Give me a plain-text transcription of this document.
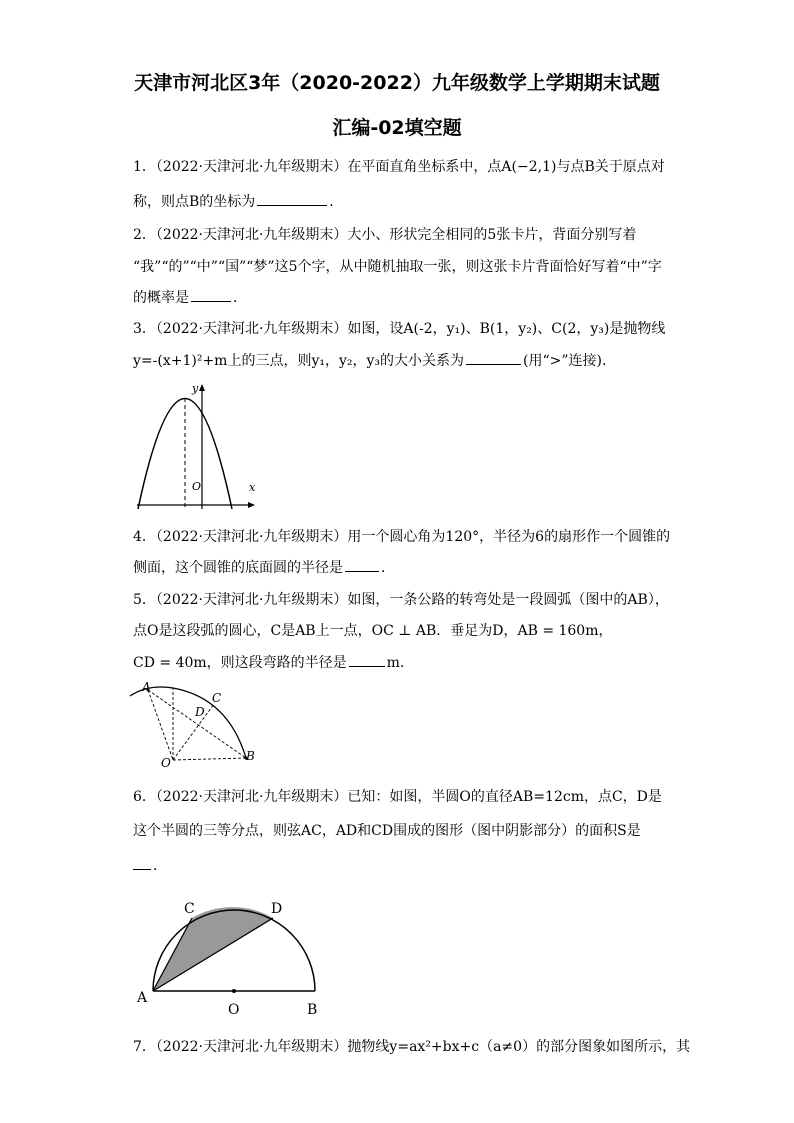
天津市河北区3年（2020-2022）九年级数学上学期期末试题
汇编-02填空题
1．（2022·天津河北·九年级期末）在平面直角坐标系中，点A(−2,1)与点B关于原点对
称，则点B的坐标为	．
2．（2022·天津河北·九年级期末）大小、形状完全相同的5张卡片，背面分别写着
“我”“的”“中”“国”“梦”这5个字，从中随机抽取一张，则这张卡片背面恰好写着“中”字
的概率是	．
3．（2022·天津河北·九年级期末）如图，设A(-2，y₁)、B(1，y₂)、C(2，y₃)是抛物线
y=-(x+1)²+m上的三点，则y₁，y₂，y₃的大小关系为	(用“>”连接).
y
x
O
4．（2022·天津河北·九年级期末）用一个圆心角为120°，半径为6的扇形作一个圆锥的
侧面，这个圆锥的底面圆的半径是	．
5．（2022·天津河北·九年级期末）如图，一条公路的转弯处是一段圆弧（图中的AB），
点O是这段弧的圆心，C是AB上一点，OC ⊥ AB．垂足为D，AB = 160m，
CD = 40m，则这段弯路的半径是	m．
A
C
D
O	B
6．（2022·天津河北·九年级期末）已知：如图，半圆O的直径AB=12cm，点C，D是
这个半圆的三等分点，则弦AC，AD和CD围成的图形（图中阴影部分）的面积S是
．
C	D
A
O	B
7．（2022·天津河北·九年级期末）抛物线y=ax²+bx+c（a≠0）的部分图象如图所示，其
